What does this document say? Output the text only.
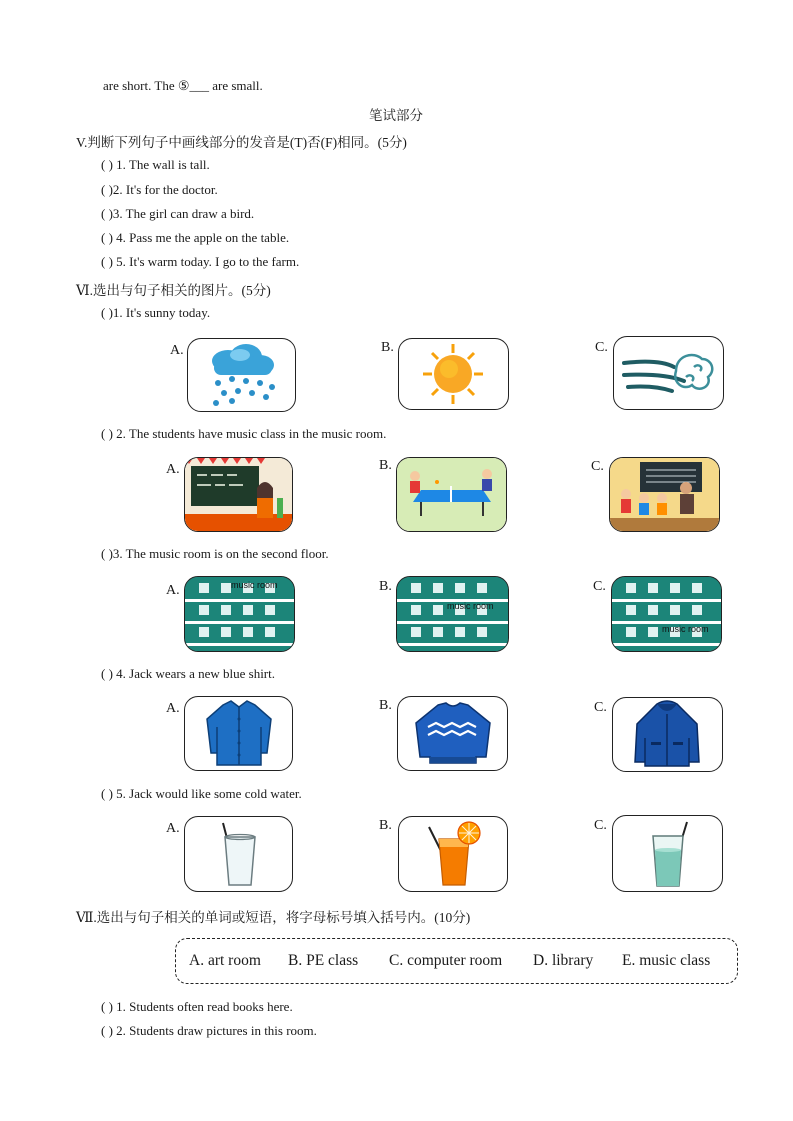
are short. The ⑤___ are small.
笔试部分
V.判断下列句子中画线部分的发音是(T)否(F)相同。(5分)
( ) 1. The wall is tall.
( )2. It's for the doctor.
( )3. The girl can draw a bird.
( ) 4. Pass me the apple on the table.
( ) 5. It's warm today. I go to the farm.
Ⅵ.选出与句子相关的图片。(5分)
( )1. It's sunny today.
A.	B.	C.
( ) 2. The students have music class in the music room.
A.	B.	C.
( )3. The music room is on the second floor.
A.	music room	B.
music room
C.
music room
( ) 4. Jack wears a new blue shirt.
A.	B.	C.
( ) 5. Jack would like some cold water.
A.	B.	C.
Ⅶ.选出与句子相关的单词或短语，将字母标号填入括号内。(10分)
A. art room B. PE class C. computer room D. library E. music class
( ) 1. Students often read books here.
( ) 2. Students draw pictures in this room.
